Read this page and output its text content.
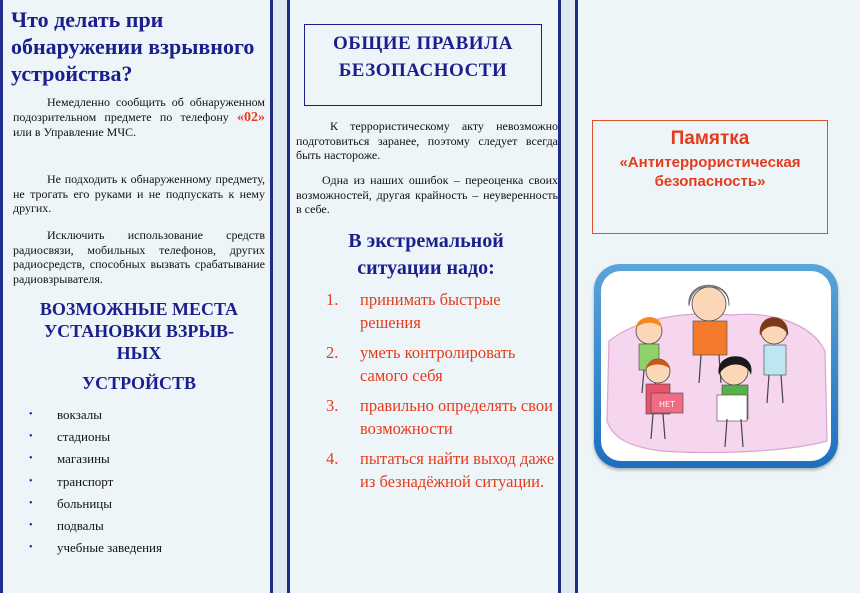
Что делать при обнаружении взрывного устройства?
Немедленно сообщить об обнаруженном подозрительном предмете по телефону «02» или в Управление МЧС.
Не подходить к обнаруженному предмету, не трогать его руками и не подпускать к нему других.
Исключить использование средств радиосвязи, мобильных телефонов, других радиосредств, способных вызвать срабатывание радиовзрывателя.
ВОЗМОЖНЫЕ МЕСТА
УСТАНОВКИ ВЗРЫВ-
НЫХ
УСТРОЙСТВ
•	вокзалы
•	стадионы
•	магазины
•	транспорт
•	больницы
•	подвалы
•	учебные заведения
ОБЩИЕ ПРАВИЛА
БЕЗОПАСНОСТИ
К террористическому акту невозможно подготовиться заранее, поэтому следует всегда быть настороже.
Одна из наших ошибок – переоценка своих возможностей, другая крайность – неуверенность в себе.
В экстремальной
ситуации надо:
1.	принимать быстрые решения
2.	уметь контролировать самого себя
3.	правильно определять свои возможности
4.	пытаться найти выход даже из безнадёжной ситуации.
Памятка
«Антитеррористическая безопасность»
НЕТ
